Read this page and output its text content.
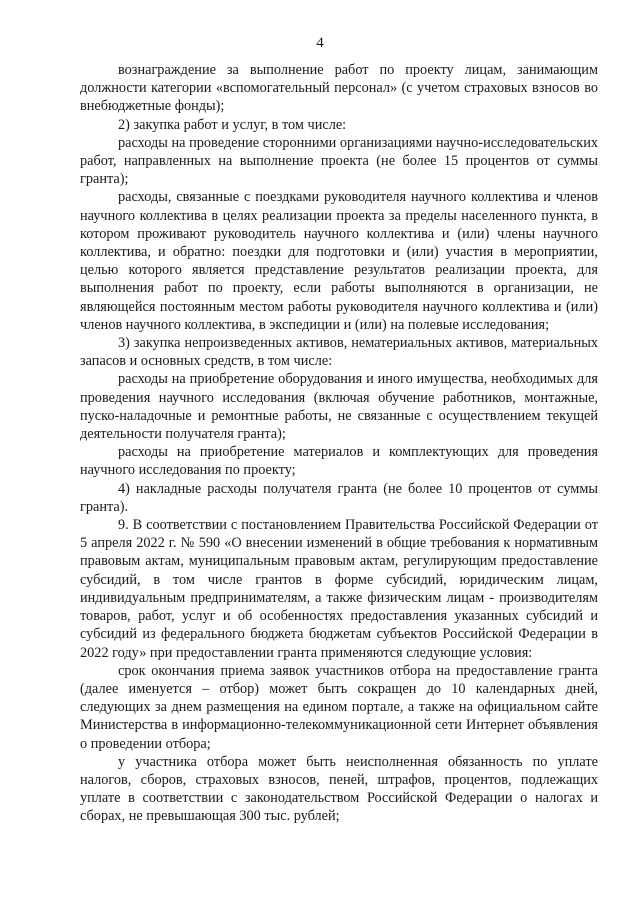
4

вознаграждение за выполнение работ по проекту лицам, занимающим должности категории «вспомогательный персонал» (с учетом страховых взносов во внебюджетные фонды);

2) закупка работ и услуг, в том числе:

расходы на проведение сторонними организациями научно-исследовательских работ, направленных на выполнение проекта (не более 15 процентов от суммы гранта);

расходы, связанные с поездками руководителя научного коллектива и членов научного коллектива в целях реализации проекта за пределы населенного пункта, в котором проживают руководитель научного коллектива и (или) члены научного коллектива, и обратно: поездки для подготовки и (или) участия в мероприятии, целью которого является представление результатов реализации проекта, для выполнения работ по проекту, если работы выполняются в организации, не являющейся постоянным местом работы руководителя научного коллектива и (или) членов научного коллектива, в экспедиции и (или) на полевые исследования;

3) закупка непроизведенных активов, нематериальных активов, материальных запасов и основных средств, в том числе:

расходы на приобретение оборудования и иного имущества, необходимых для проведения научного исследования (включая обучение работников, монтажные, пуско-наладочные и ремонтные работы, не связанные с осуществлением текущей деятельности получателя гранта);

расходы на приобретение материалов и комплектующих для проведения научного исследования по проекту;

4) накладные расходы получателя гранта (не более 10 процентов от суммы гранта).

9. В соответствии с постановлением Правительства Российской Федерации от 5 апреля 2022 г. № 590 «О внесении изменений в общие требования к нормативным правовым актам, муниципальным правовым актам, регулирующим предоставление субсидий, в том числе грантов в форме субсидий, юридическим лицам, индивидуальным предпринимателям, а также физическим лицам - производителям товаров, работ, услуг и об особенностях предоставления указанных субсидий и субсидий из федерального бюджета бюджетам субъектов Российской Федерации в 2022 году» при предоставлении гранта применяются следующие условия:

срок окончания приема заявок участников отбора на предоставление гранта (далее именуется – отбор) может быть сокращен до 10 календарных дней, следующих за днем размещения на едином портале, а также на официальном сайте Министерства в информационно-телекоммуникационной сети Интернет объявления о проведении отбора;

у участника отбора может быть неисполненная обязанность по уплате налогов, сборов, страховых взносов, пеней, штрафов, процентов, подлежащих уплате в соответствии с законодательством Российской Федерации о налогах и сборах, не превышающая 300 тыс. рублей;
